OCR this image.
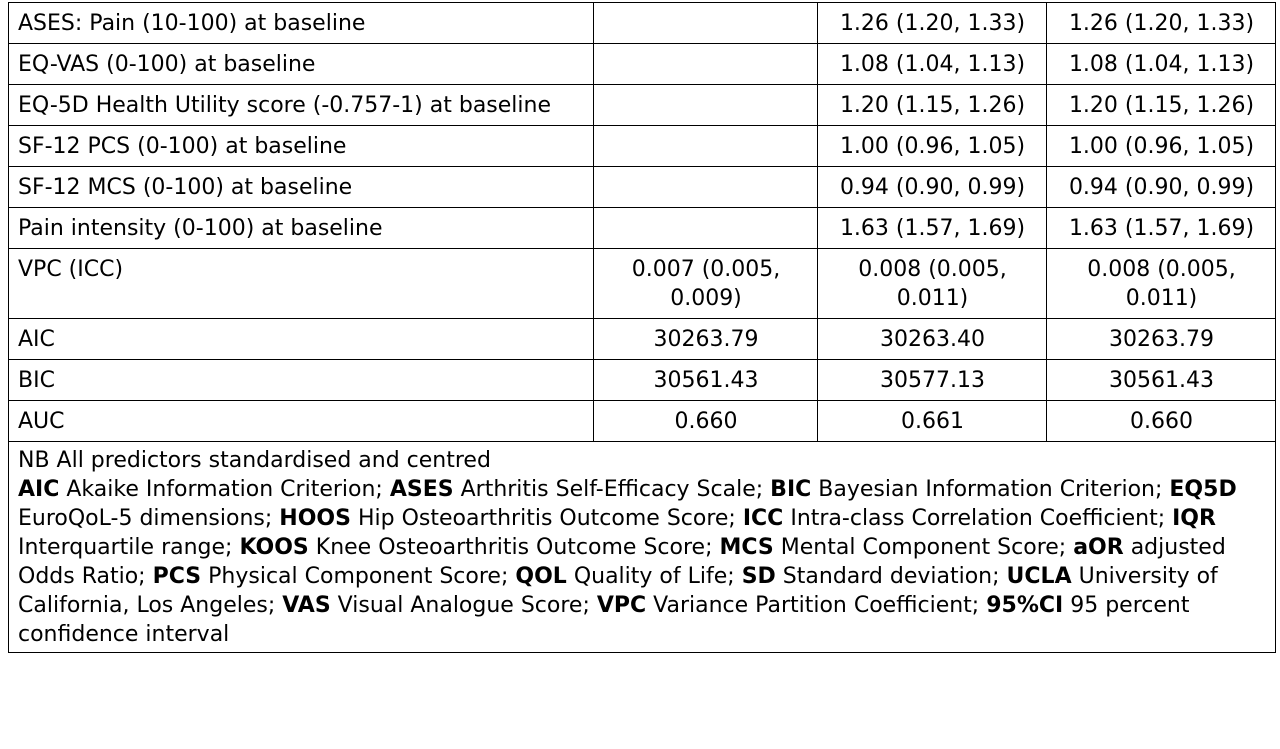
ASES: Pain (10-100) at baseline		1.26 (1.20, 1.33)	1.26 (1.20, 1.33)
EQ-VAS (0-100) at baseline		1.08 (1.04, 1.13)	1.08 (1.04, 1.13)
EQ-5D Health Utility score (-0.757-1) at baseline		1.20 (1.15, 1.26)	1.20 (1.15, 1.26)
SF-12 PCS (0-100) at baseline		1.00 (0.96, 1.05)	1.00 (0.96, 1.05)
SF-12 MCS (0-100) at baseline		0.94 (0.90, 0.99)	0.94 (0.90, 0.99)
Pain intensity (0-100) at baseline		1.63 (1.57, 1.69)	1.63 (1.57, 1.69)
VPC (ICC)	0.007 (0.005, 0.009)	0.008 (0.005, 0.011)	0.008 (0.005, 0.011)
AIC	30263.79	30263.40	30263.79
BIC	30561.43	30577.13	30561.43
AUC	0.660	0.661	0.660

NB All predictors standardised and centred
AIC Akaike Information Criterion; ASES Arthritis Self-Efficacy Scale; BIC Bayesian Information Criterion; EQ5D EuroQoL-5 dimensions; HOOS Hip Osteoarthritis Outcome Score; ICC Intra-class Correlation Coefficient; IQR Interquartile range; KOOS Knee Osteoarthritis Outcome Score; MCS Mental Component Score; aOR adjusted Odds Ratio; PCS Physical Component Score; QOL Quality of Life; SD Standard deviation; UCLA University of California, Los Angeles; VAS Visual Analogue Score; VPC Variance Partition Coefficient; 95%CI 95 percent confidence interval			
